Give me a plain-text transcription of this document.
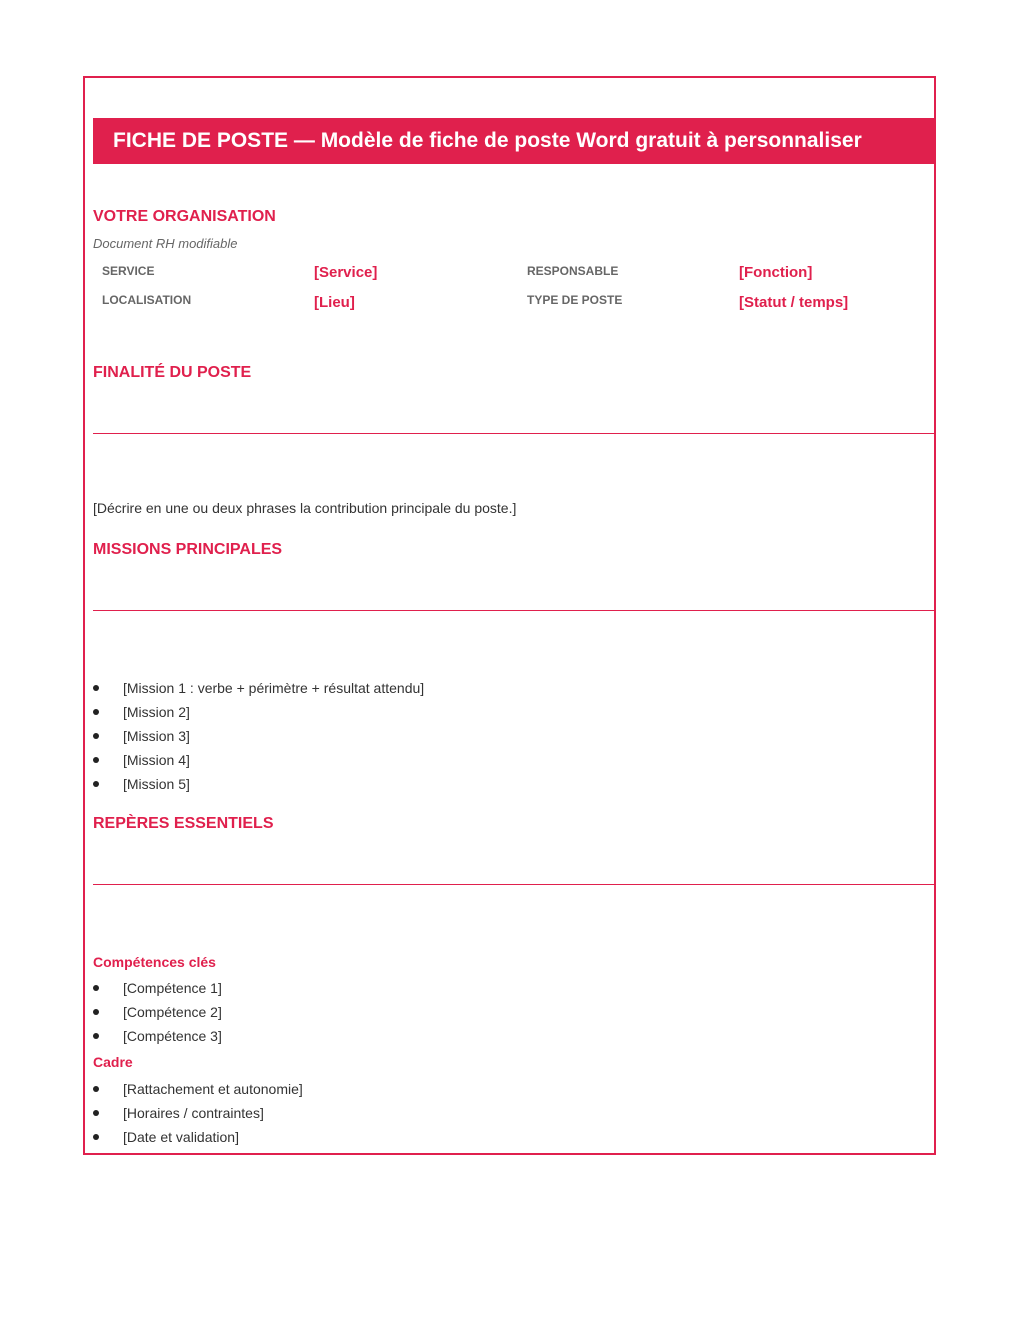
FICHE DE POSTE — Modèle de fiche de poste Word gratuit à personnaliser
VOTRE ORGANISATION
Document RH modifiable
SERVICE	[Service]	RESPONSABLE	[Fonction]
LOCALISATION	[Lieu]	TYPE DE POSTE	[Statut / temps]
FINALITÉ DU POSTE
[Décrire en une ou deux phrases la contribution principale du poste.]
MISSIONS PRINCIPALES
[Mission 1 : verbe + périmètre + résultat attendu]
[Mission 2]
[Mission 3]
[Mission 4]
[Mission 5]
REPÈRES ESSENTIELS
Compétences clés
[Compétence 1]
[Compétence 2]
[Compétence 3]
Cadre
[Rattachement et autonomie]
[Horaires / contraintes]
[Date et validation]
